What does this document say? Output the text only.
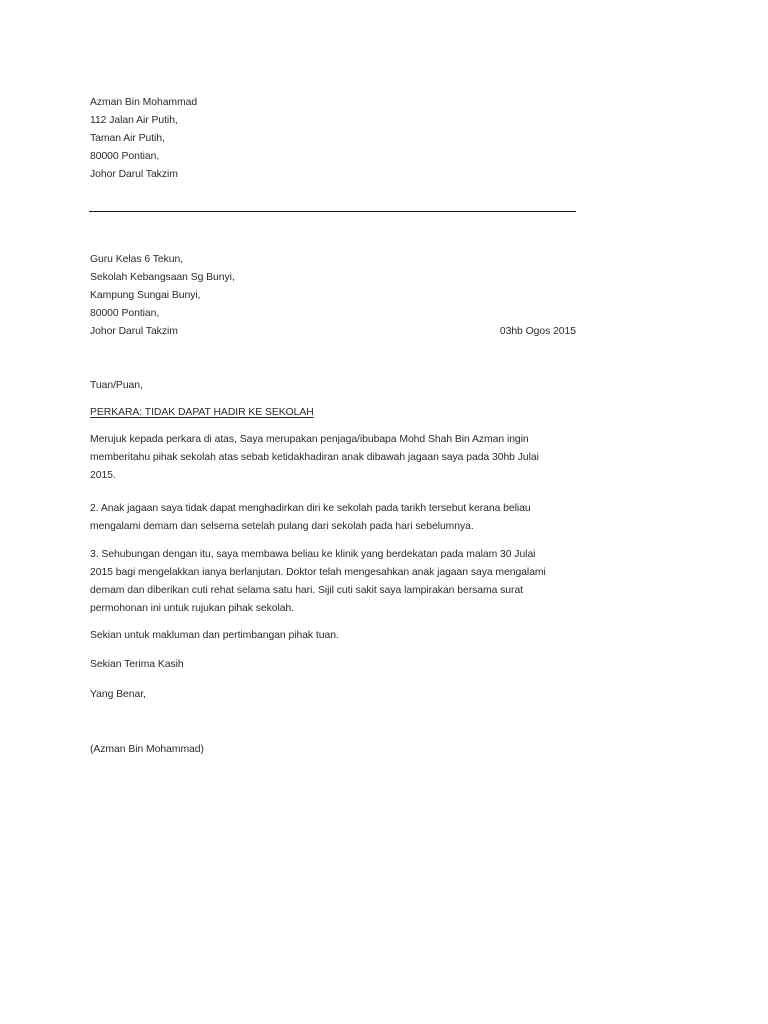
Azman Bin Mohammad
112 Jalan Air Putih,
Taman Air Putih,
80000 Pontian,
Johor Darul Takzim
Guru Kelas 6 Tekun,
Sekolah Kebangsaan Sg Bunyi,
Kampung Sungai Bunyi,
80000 Pontian,
Johor Darul Takzim	03hb Ogos 2015
Tuan/Puan,
PERKARA: TIDAK DAPAT HADIR KE SEKOLAH
Merujuk kepada perkara di atas, Saya merupakan penjaga/ibubapa Mohd Shah Bin Azman ingin
memberitahu pihak sekolah atas sebab ketidakhadiran anak dibawah jagaan saya pada 30hb Julai
2015.
2. Anak jagaan saya tidak dapat menghadirkan diri ke sekolah pada tarikh tersebut kerana beliau
mengalami demam dan selsema setelah pulang dari sekolah pada hari sebelumnya.
3. Sehubungan dengan itu, saya membawa beliau ke klinik yang berdekatan pada malam 30 Julai
2015 bagi mengelakkan ianya berlanjutan. Doktor telah mengesahkan anak jagaan saya mengalami
demam dan diberikan cuti rehat selama satu hari. Sijil cuti sakit saya lampirakan bersama surat
permohonan ini untuk rujukan pihak sekolah.
Sekian untuk makluman dan pertimbangan pihak tuan.
Sekian Terima Kasih
Yang Benar,
(Azman Bin Mohammad)
